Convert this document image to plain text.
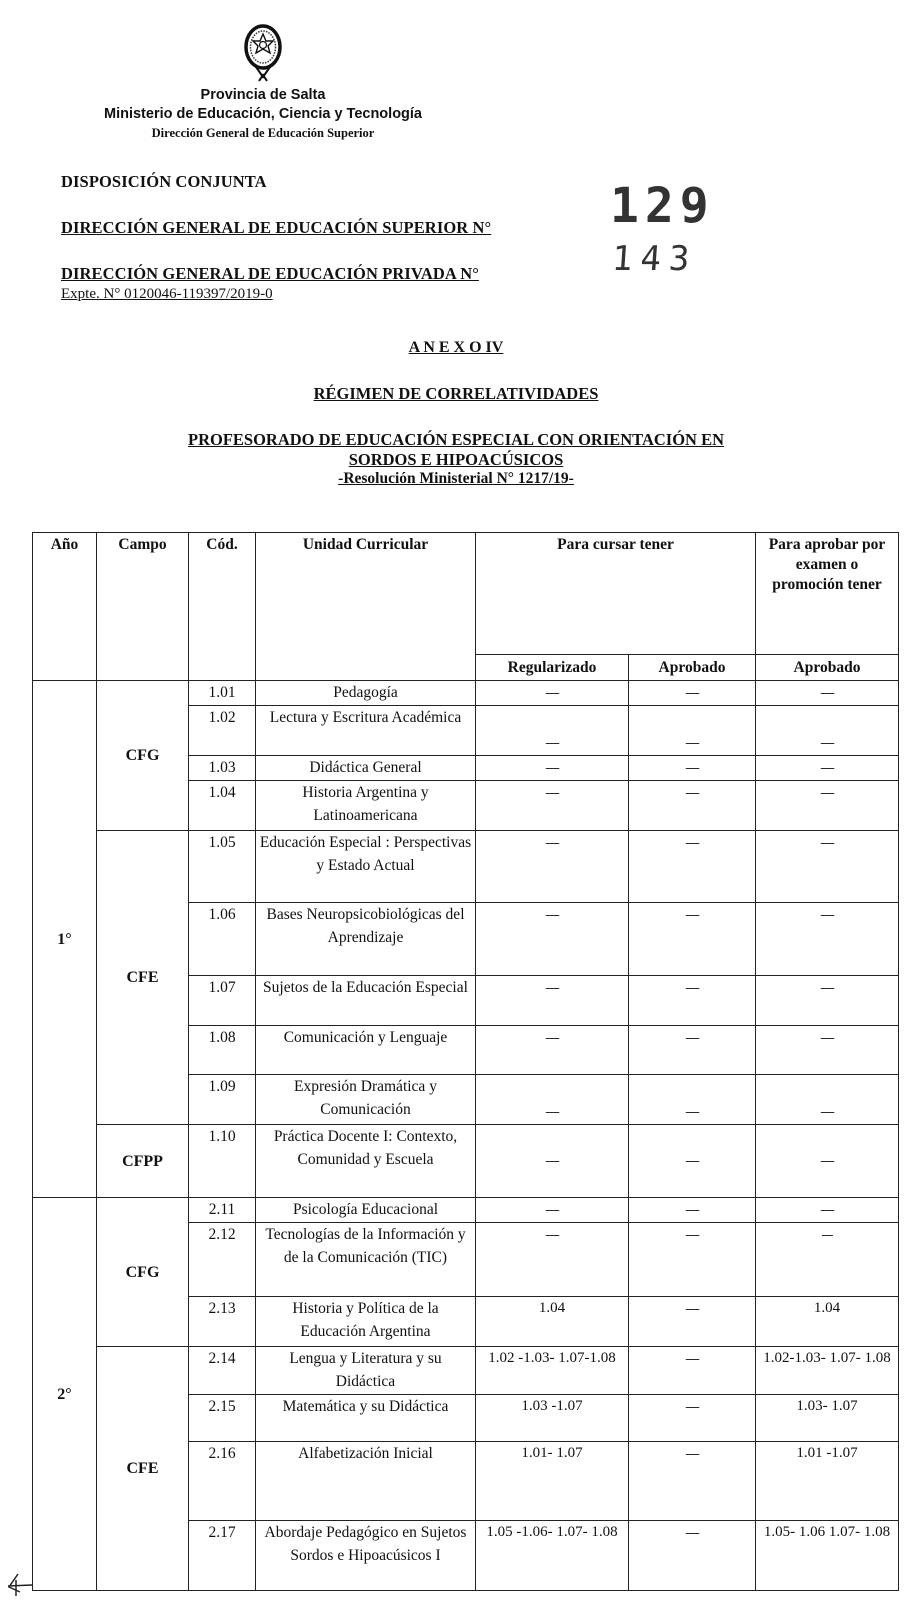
Provincia de Salta
Ministerio de Educación, Ciencia y Tecnología
Dirección General de Educación Superior
DISPOSICIÓN CONJUNTA
DIRECCIÓN GENERAL DE EDUCACIÓN SUPERIOR N° 129
143
DIRECCIÓN GENERAL DE EDUCACIÓN PRIVADA N°
Expte. N° 0120046-119397/2019-0
A N E X O IV
RÉGIMEN DE CORRELATIVIDADES
PROFESORADO DE EDUCACIÓN ESPECIAL CON ORIENTACIÓN EN
SORDOS E HIPOACÚSICOS
-Resolución Ministerial N° 1217/19-
Año	Campo	Cód.	Unidad Curricular	Para cursar tener		Para aprobar por examen o promoción tener
				Regularizado	Aprobado	Aprobado
1°	CFG	1.01	Pedagogía	-----	-----	-----
		1.02	Lectura y Escritura Académica	-----	-----	-----
		1.03	Didáctica General	-----	-----	-----
		1.04	Historia Argentina y Latinoamericana	-----	-----	-----
	CFE	1.05	Educación Especial : Perspectivas y Estado Actual	-----	-----	-----
		1.06	Bases Neuropsicobiológicas del Aprendizaje	-----	-----	-----
		1.07	Sujetos de la Educación Especial	-----	-----	-----
		1.08	Comunicación y Lenguaje	-----	-----	-----
		1.09	Expresión Dramática y Comunicación	-----	-----	-----
	CFPP	1.10	Práctica Docente I: Contexto, Comunidad y Escuela	-----	-----	-----
2°	CFG	2.11	Psicología Educacional	-----	-----	-----
		2.12	Tecnologías de la Información y de la Comunicación (TIC)	-----	-----	----
		2.13	Historia y Política de la Educación Argentina	1.04	-----	1.04
	CFE	2.14	Lengua y Literatura y su Didáctica	1.02 -1.03- 1.07-1.08	-----	1.02-1.03- 1.07- 1.08
		2.15	Matemática y su Didáctica	1.03 -1.07	-----	1.03- 1.07
		2.16	Alfabetización Inicial	1.01- 1.07	-----	1.01 -1.07
		2.17	Abordaje Pedagógico en Sujetos Sordos e Hipoacúsicos I	1.05 -1.06- 1.07- 1.08	-----	1.05- 1.06 1.07- 1.08
